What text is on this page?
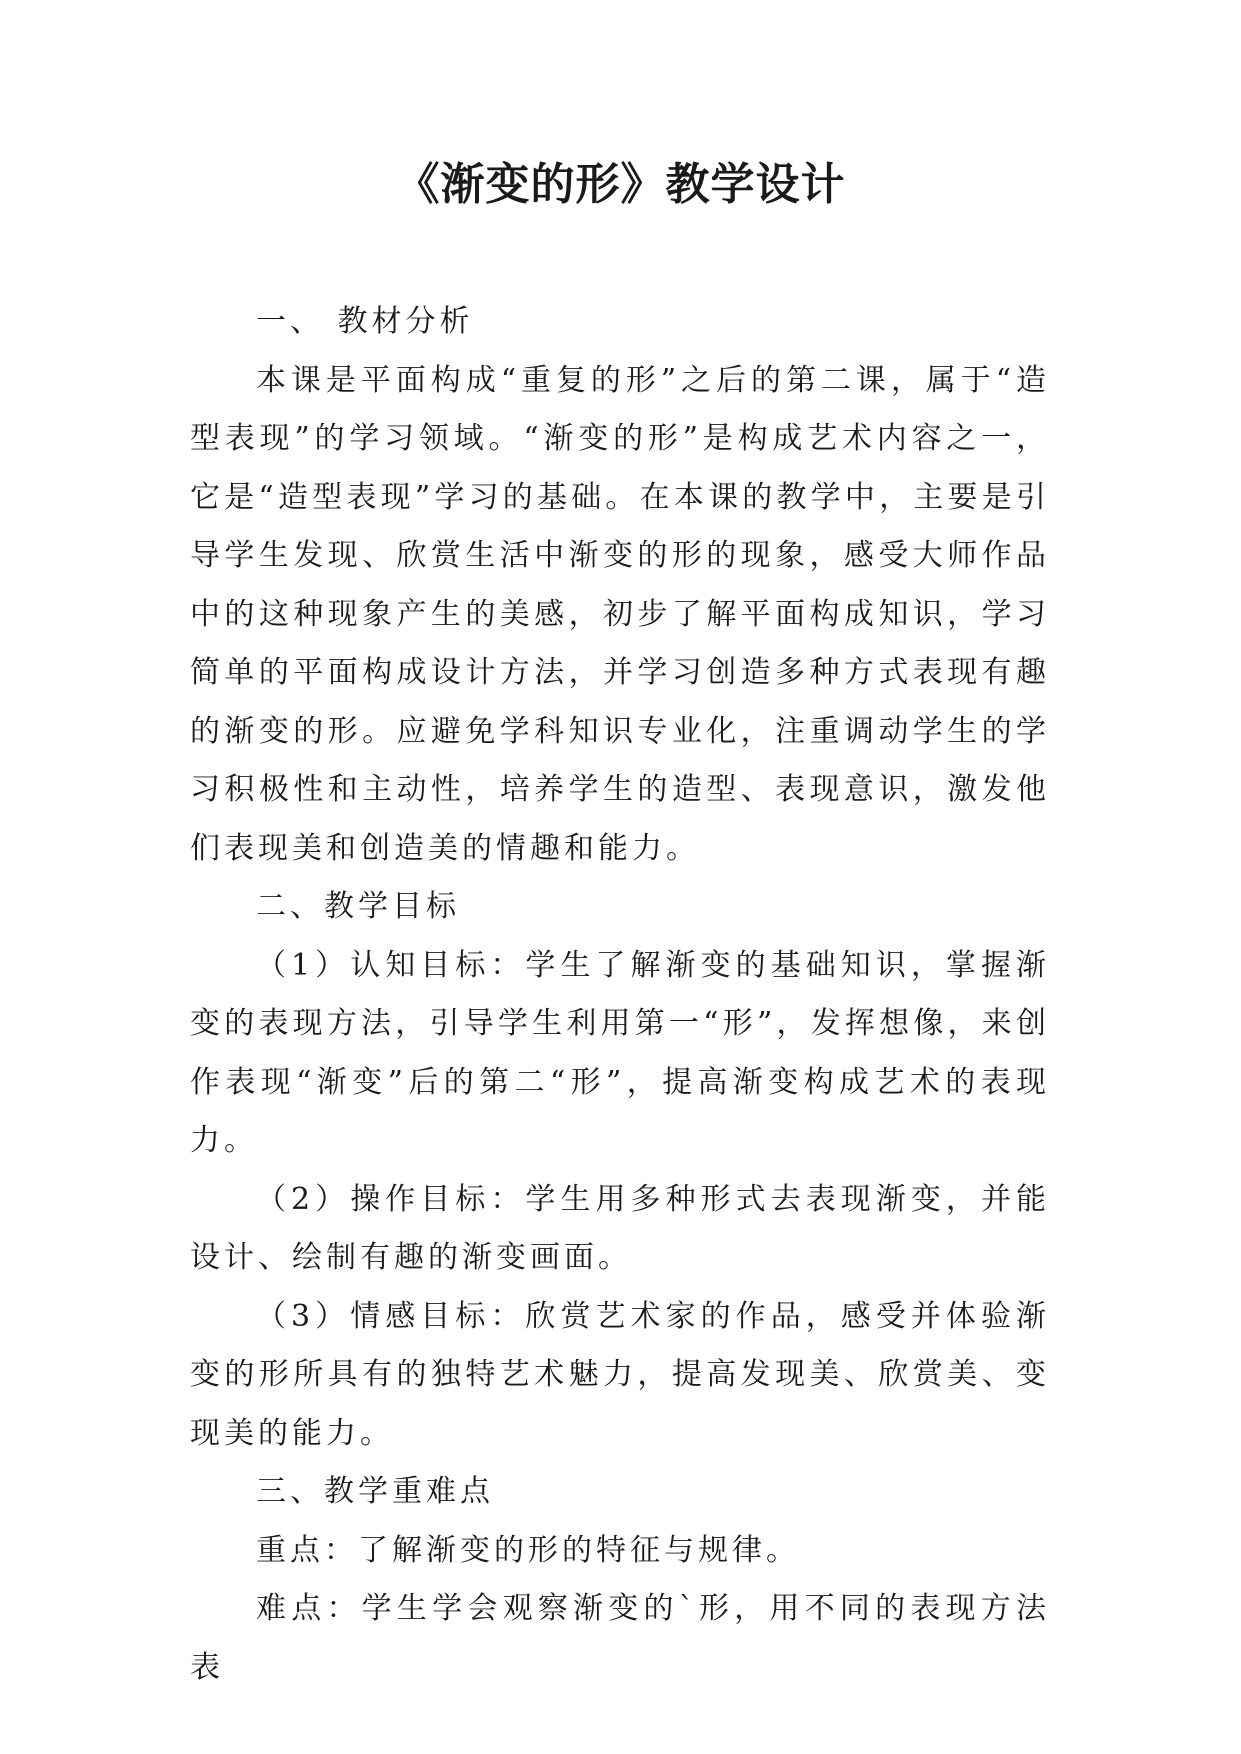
《渐变的形》教学设计

一、 教材分析

本课是平面构成“重复的形”之后的第二课，属于“造型表现”的学习领域。“渐变的形”是构成艺术内容之一，它是“造型表现”学习的基础。在本课的教学中，主要是引导学生发现、欣赏生活中渐变的形的现象，感受大师作品中的这种现象产生的美感，初步了解平面构成知识，学习简单的平面构成设计方法，并学习创造多种方式表现有趣的渐变的形。应避免学科知识专业化，注重调动学生的学习积极性和主动性，培养学生的造型、表现意识，激发他们表现美和创造美的情趣和能力。

二、教学目标

（1）认知目标：学生了解渐变的基础知识，掌握渐变的表现方法，引导学生利用第一“形”，发挥想像，来创作表现“渐变”后的第二“形”，提高渐变构成艺术的表现力。

（2）操作目标：学生用多种形式去表现渐变，并能设计、绘制有趣的渐变画面。

（3）情感目标：欣赏艺术家的作品，感受并体验渐变的形所具有的独特艺术魅力，提高发现美、欣赏美、变现美的能力。

三、教学重难点

重点：了解渐变的形的特征与规律。

难点：学生学会观察渐变的`形，用不同的表现方法表
